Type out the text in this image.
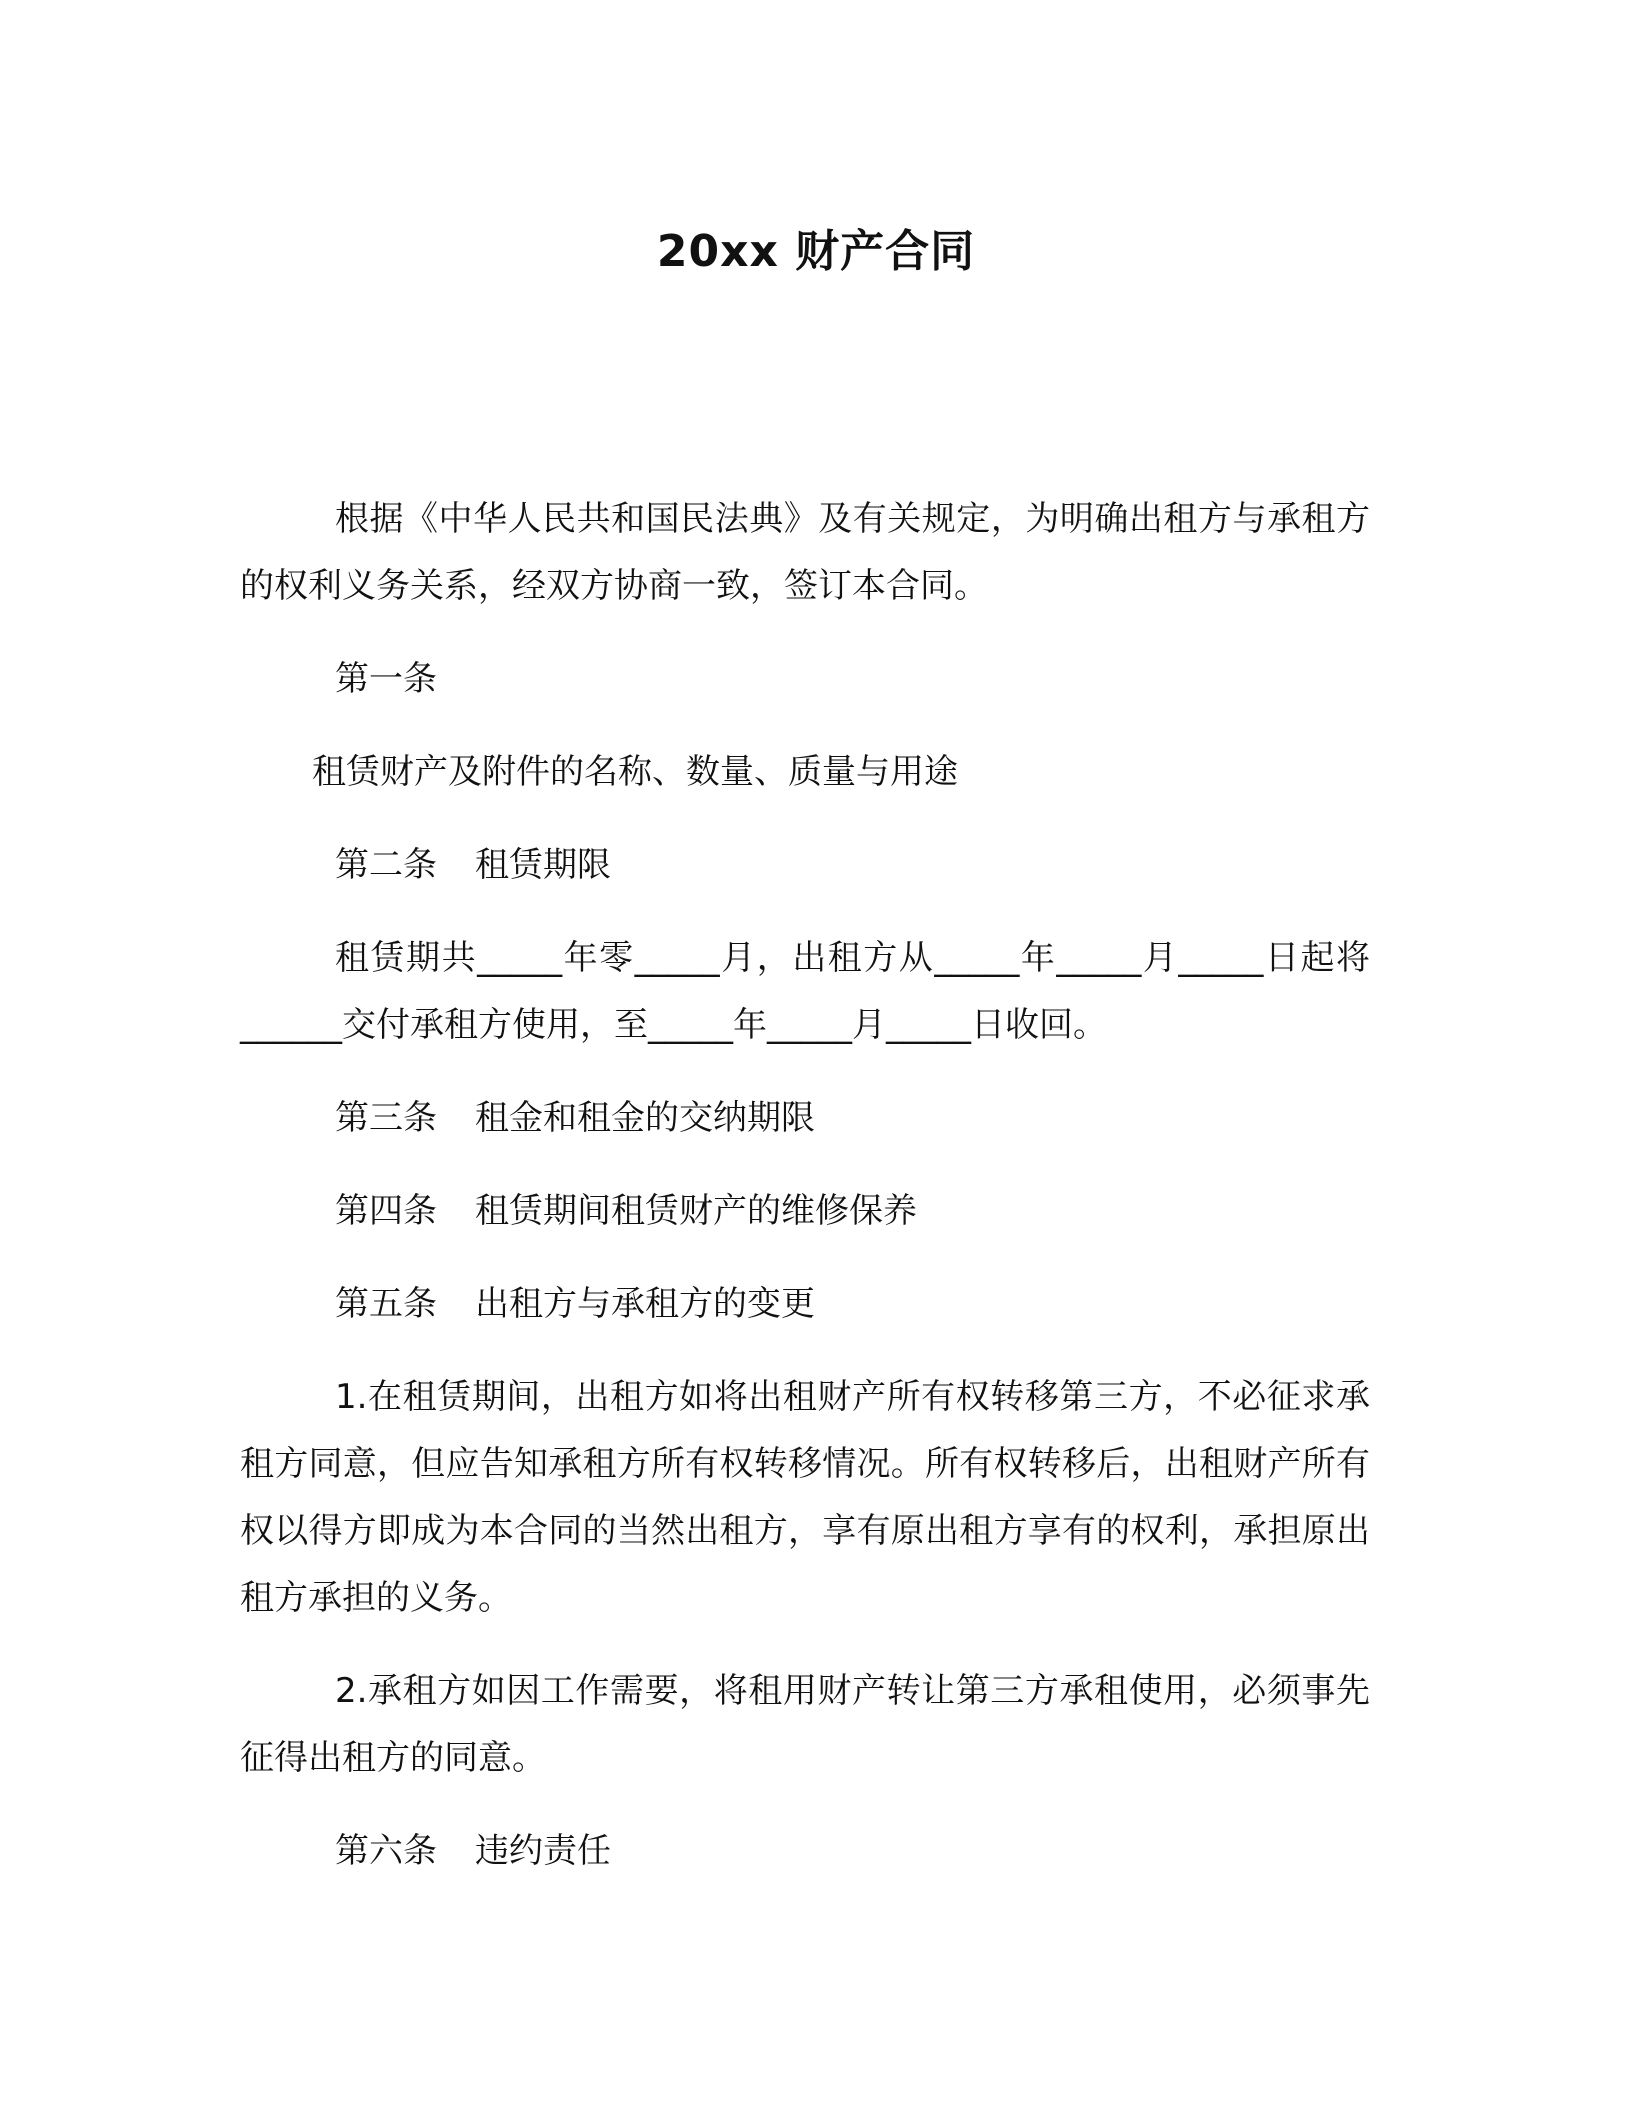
20xx 财产合同

根据《中华人民共和国民法典》及有关规定，为明确出租方与承租方的权利义务关系，经双方协商一致，签订本合同。

第一条

租赁财产及附件的名称、数量、质量与用途

第二条 租赁期限

租赁期共_____年零_____月，出租方从_____年_____月_____日起将______交付承租方使用，至_____年_____月_____日收回。

第三条 租金和租金的交纳期限

第四条 租赁期间租赁财产的维修保养

第五条 出租方与承租方的变更

1.在租赁期间，出租方如将出租财产所有权转移第三方，不必征求承租方同意，但应告知承租方所有权转移情况。所有权转移后，出租财产所有权以得方即成为本合同的当然出租方，享有原出租方享有的权利，承担原出租方承担的义务。

2.承租方如因工作需要，将租用财产转让第三方承租使用，必须事先征得出租方的同意。

第六条 违约责任
